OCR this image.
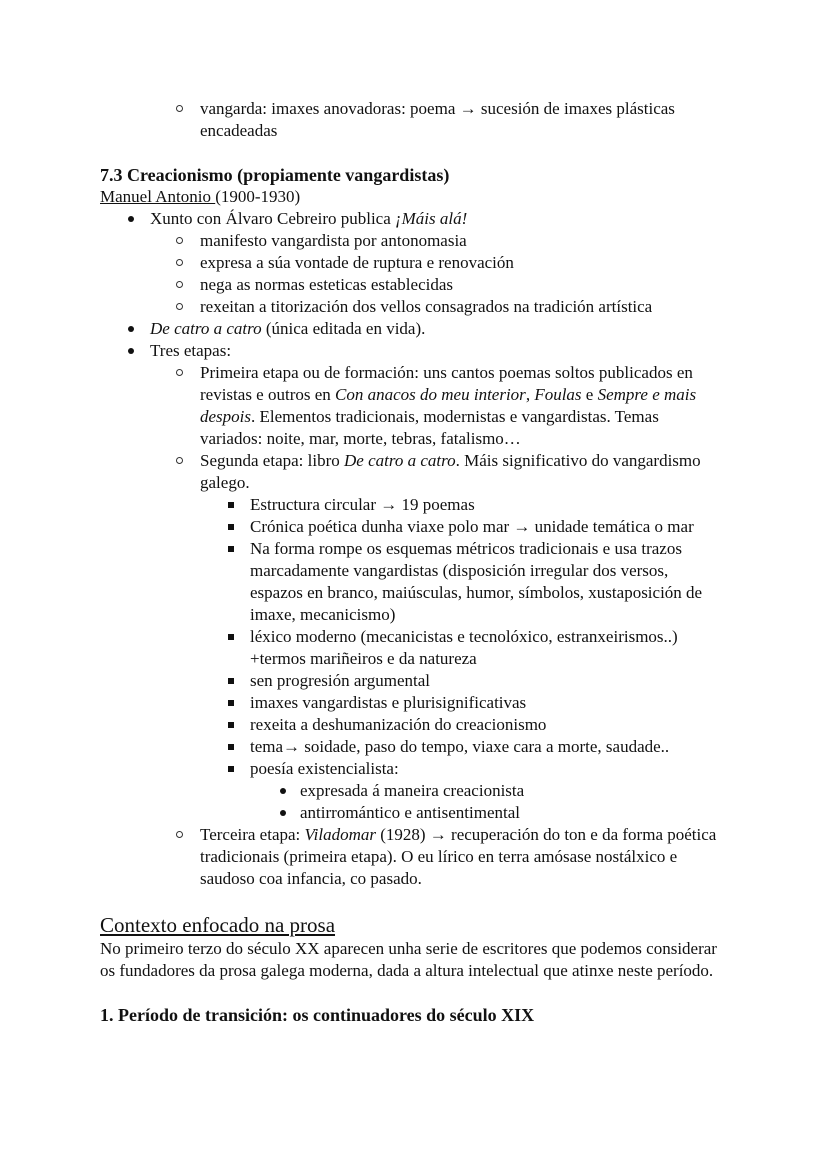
vangarda: imaxes anovadoras: poema → sucesión de imaxes plásticas encadeadas
7.3 Creacionismo (propiamente vangardistas)
Manuel Antonio (1900-1930)
Xunto con Álvaro Cebreiro publica ¡Máis alá!
manifesto vangardista por antonomasia
expresa a súa vontade de ruptura e renovación
nega as normas esteticas establecidas
rexeitan a titorización dos vellos consagrados na tradición artística
De catro a catro (única editada en vida).
Tres etapas:
Primeira etapa ou de formación: uns cantos poemas soltos publicados en revistas e outros en Con anacos do meu interior, Foulas e Sempre e mais despois. Elementos tradicionais, modernistas e vangardistas. Temas variados: noite, mar, morte, tebras, fatalismo…
Segunda etapa: libro De catro a catro. Máis significativo do vangardismo galego.
Estructura circular → 19 poemas
Crónica poética dunha viaxe polo mar → unidade temática o mar
Na forma rompe os esquemas métricos tradicionais e usa trazos marcadamente vangardistas (disposición irregular dos versos, espazos en branco, maiúsculas, humor, símbolos, xustaposición de imaxe, mecanicismo)
léxico moderno (mecanicistas e tecnolóxico, estranxeirismos..) +termos mariñeiros e da natureza
sen progresión argumental
imaxes vangardistas e plurisignificativas
rexeita a deshumanización do creacionismo
tema→ soidade, paso do tempo, viaxe cara a morte, saudade..
poesía existencialista:
expresada á maneira creacionista
antirromántico e antisentimental
Terceira etapa: Viladomar (1928) → recuperación do ton e da forma poética tradicionais (primeira etapa). O eu lírico en terra amósase nostálxico e saudoso coa infancia, co pasado.
Contexto enfocado na prosa
No primeiro terzo do século XX aparecen unha serie de escritores que podemos considerar os fundadores da prosa galega moderna, dada a altura intelectual que atinxe neste período.
1. Período de transición: os continuadores do século XIX
